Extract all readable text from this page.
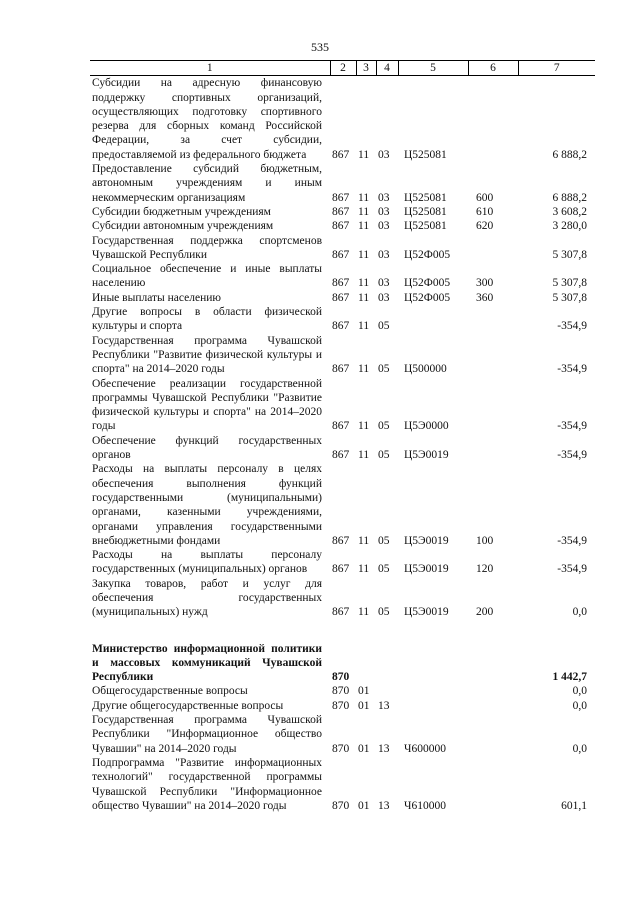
535
1	2	3	4	5	6	7
Субсидии на адресную финансовую поддержку спортивных организаций, осуществляющих подготовку спортивного резерва для сборных команд Российской Федерации, за счет субсидии, предоставляемой из федерального бюджета	867	11	03	Ц525081		6 888,2
Предоставление субсидий бюджетным, автономным учреждениям и иным некоммерческим организациям	867	11	03	Ц525081	600	6 888,2
Субсидии бюджетным учреждениям	867	11	03	Ц525081	610	3 608,2
Субсидии автономным учреждениям	867	11	03	Ц525081	620	3 280,0
Государственная поддержка спортсменов Чувашской Республики	867	11	03	Ц52Ф005		5 307,8
Социальное обеспечение и иные выплаты населению	867	11	03	Ц52Ф005	300	5 307,8
Иные выплаты населению	867	11	03	Ц52Ф005	360	5 307,8
Другие вопросы в области физической культуры и спорта	867	11	05			-354,9
Государственная программа Чувашской Республики "Развитие физической культуры и спорта" на 2014–2020 годы	867	11	05	Ц500000		-354,9
Обеспечение реализации государственной программы Чувашской Республики "Развитие физической культуры и спорта" на 2014–2020 годы	867	11	05	Ц5Э0000		-354,9
Обеспечение функций государственных органов	867	11	05	Ц5Э0019		-354,9
Расходы на выплаты персоналу в целях обеспечения выполнения функций государственными (муниципальными) органами, казенными учреждениями, органами управления государственными внебюджетными фондами	867	11	05	Ц5Э0019	100	-354,9
Расходы на выплаты персоналу государственных (муниципальных) органов	867	11	05	Ц5Э0019	120	-354,9
Закупка товаров, работ и услуг для обеспечения государственных (муниципальных) нужд	867	11	05	Ц5Э0019	200	0,0

Министерство информационной политики и массовых коммуникаций Чувашской Республики	870					1 442,7
Общегосударственные вопросы	870	01				0,0
Другие общегосударственные вопросы	870	01	13			0,0
Государственная программа Чувашской Республики "Информационное общество Чувашии" на 2014–2020 годы	870	01	13	Ч600000		0,0
Подпрограмма "Развитие информационных технологий" государственной программы Чувашской Республики "Информационное общество Чувашии" на 2014–2020 годы	870	01	13	Ч610000		601,1
